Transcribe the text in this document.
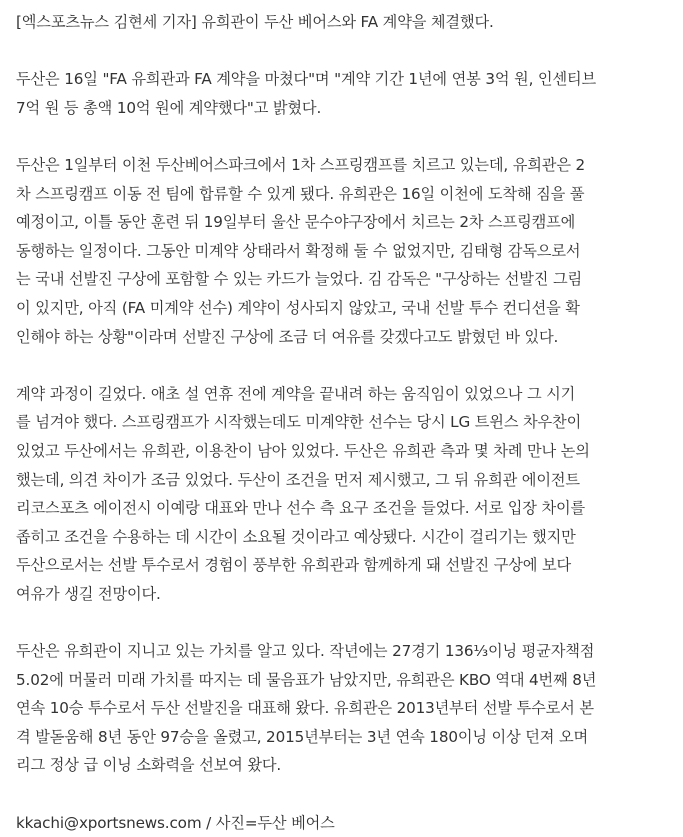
[엑스포츠뉴스 김현세 기자] 유희관이 두산 베어스와 FA 계약을 체결했다.

두산은 16일 "FA 유희관과 FA 계약을 마쳤다"며 "계약 기간 1년에 연봉 3억 원, 인센티브
7억 원 등 총액 10억 원에 계약했다"고 밝혔다.

두산은 1일부터 이천 두산베어스파크에서 1차 스프링캠프를 치르고 있는데, 유희관은 2
차 스프링캠프 이동 전 팀에 합류할 수 있게 됐다. 유희관은 16일 이천에 도착해 짐을 풀
예정이고, 이틀 동안 훈련 뒤 19일부터 울산 문수야구장에서 치르는 2차 스프링캠프에
동행하는 일정이다. 그동안 미계약 상태라서 확정해 둘 수 없었지만, 김태형 감독으로서
는 국내 선발진 구상에 포함할 수 있는 카드가 늘었다. 김 감독은 "구상하는 선발진 그림
이 있지만, 아직 (FA 미계약 선수) 계약이 성사되지 않았고, 국내 선발 투수 컨디션을 확
인해야 하는 상황"이라며 선발진 구상에 조금 더 여유를 갖겠다고도 밝혔던 바 있다.

계약 과정이 길었다. 애초 설 연휴 전에 계약을 끝내려 하는 움직임이 있었으나 그 시기
를 넘겨야 했다. 스프링캠프가 시작했는데도 미계약한 선수는 당시 LG 트윈스 차우찬이
있었고 두산에서는 유희관, 이용찬이 남아 있었다. 두산은 유희관 측과 몇 차례 만나 논의
했는데, 의견 차이가 조금 있었다. 두산이 조건을 먼저 제시했고, 그 뒤 유희관 에이전트
리코스포츠 에이전시 이예랑 대표와 만나 선수 측 요구 조건을 들었다. 서로 입장 차이를
좁히고 조건을 수용하는 데 시간이 소요될 것이라고 예상됐다. 시간이 걸리기는 했지만
두산으로서는 선발 투수로서 경험이 풍부한 유희관과 함께하게 돼 선발진 구상에 보다
여유가 생길 전망이다.

두산은 유희관이 지니고 있는 가치를 알고 있다. 작년에는 27경기 136⅓이닝 평균자책점
5.02에 머물러 미래 가치를 따지는 데 물음표가 남았지만, 유희관은 KBO 역대 4번째 8년
연속 10승 투수로서 두산 선발진을 대표해 왔다. 유희관은 2013년부터 선발 투수로서 본
격 발돋움해 8년 동안 97승을 올렸고, 2015년부터는 3년 연속 180이닝 이상 던져 오며
리그 정상 급 이닝 소화력을 선보여 왔다.

kkachi@xportsnews.com / 사진=두산 베어스
